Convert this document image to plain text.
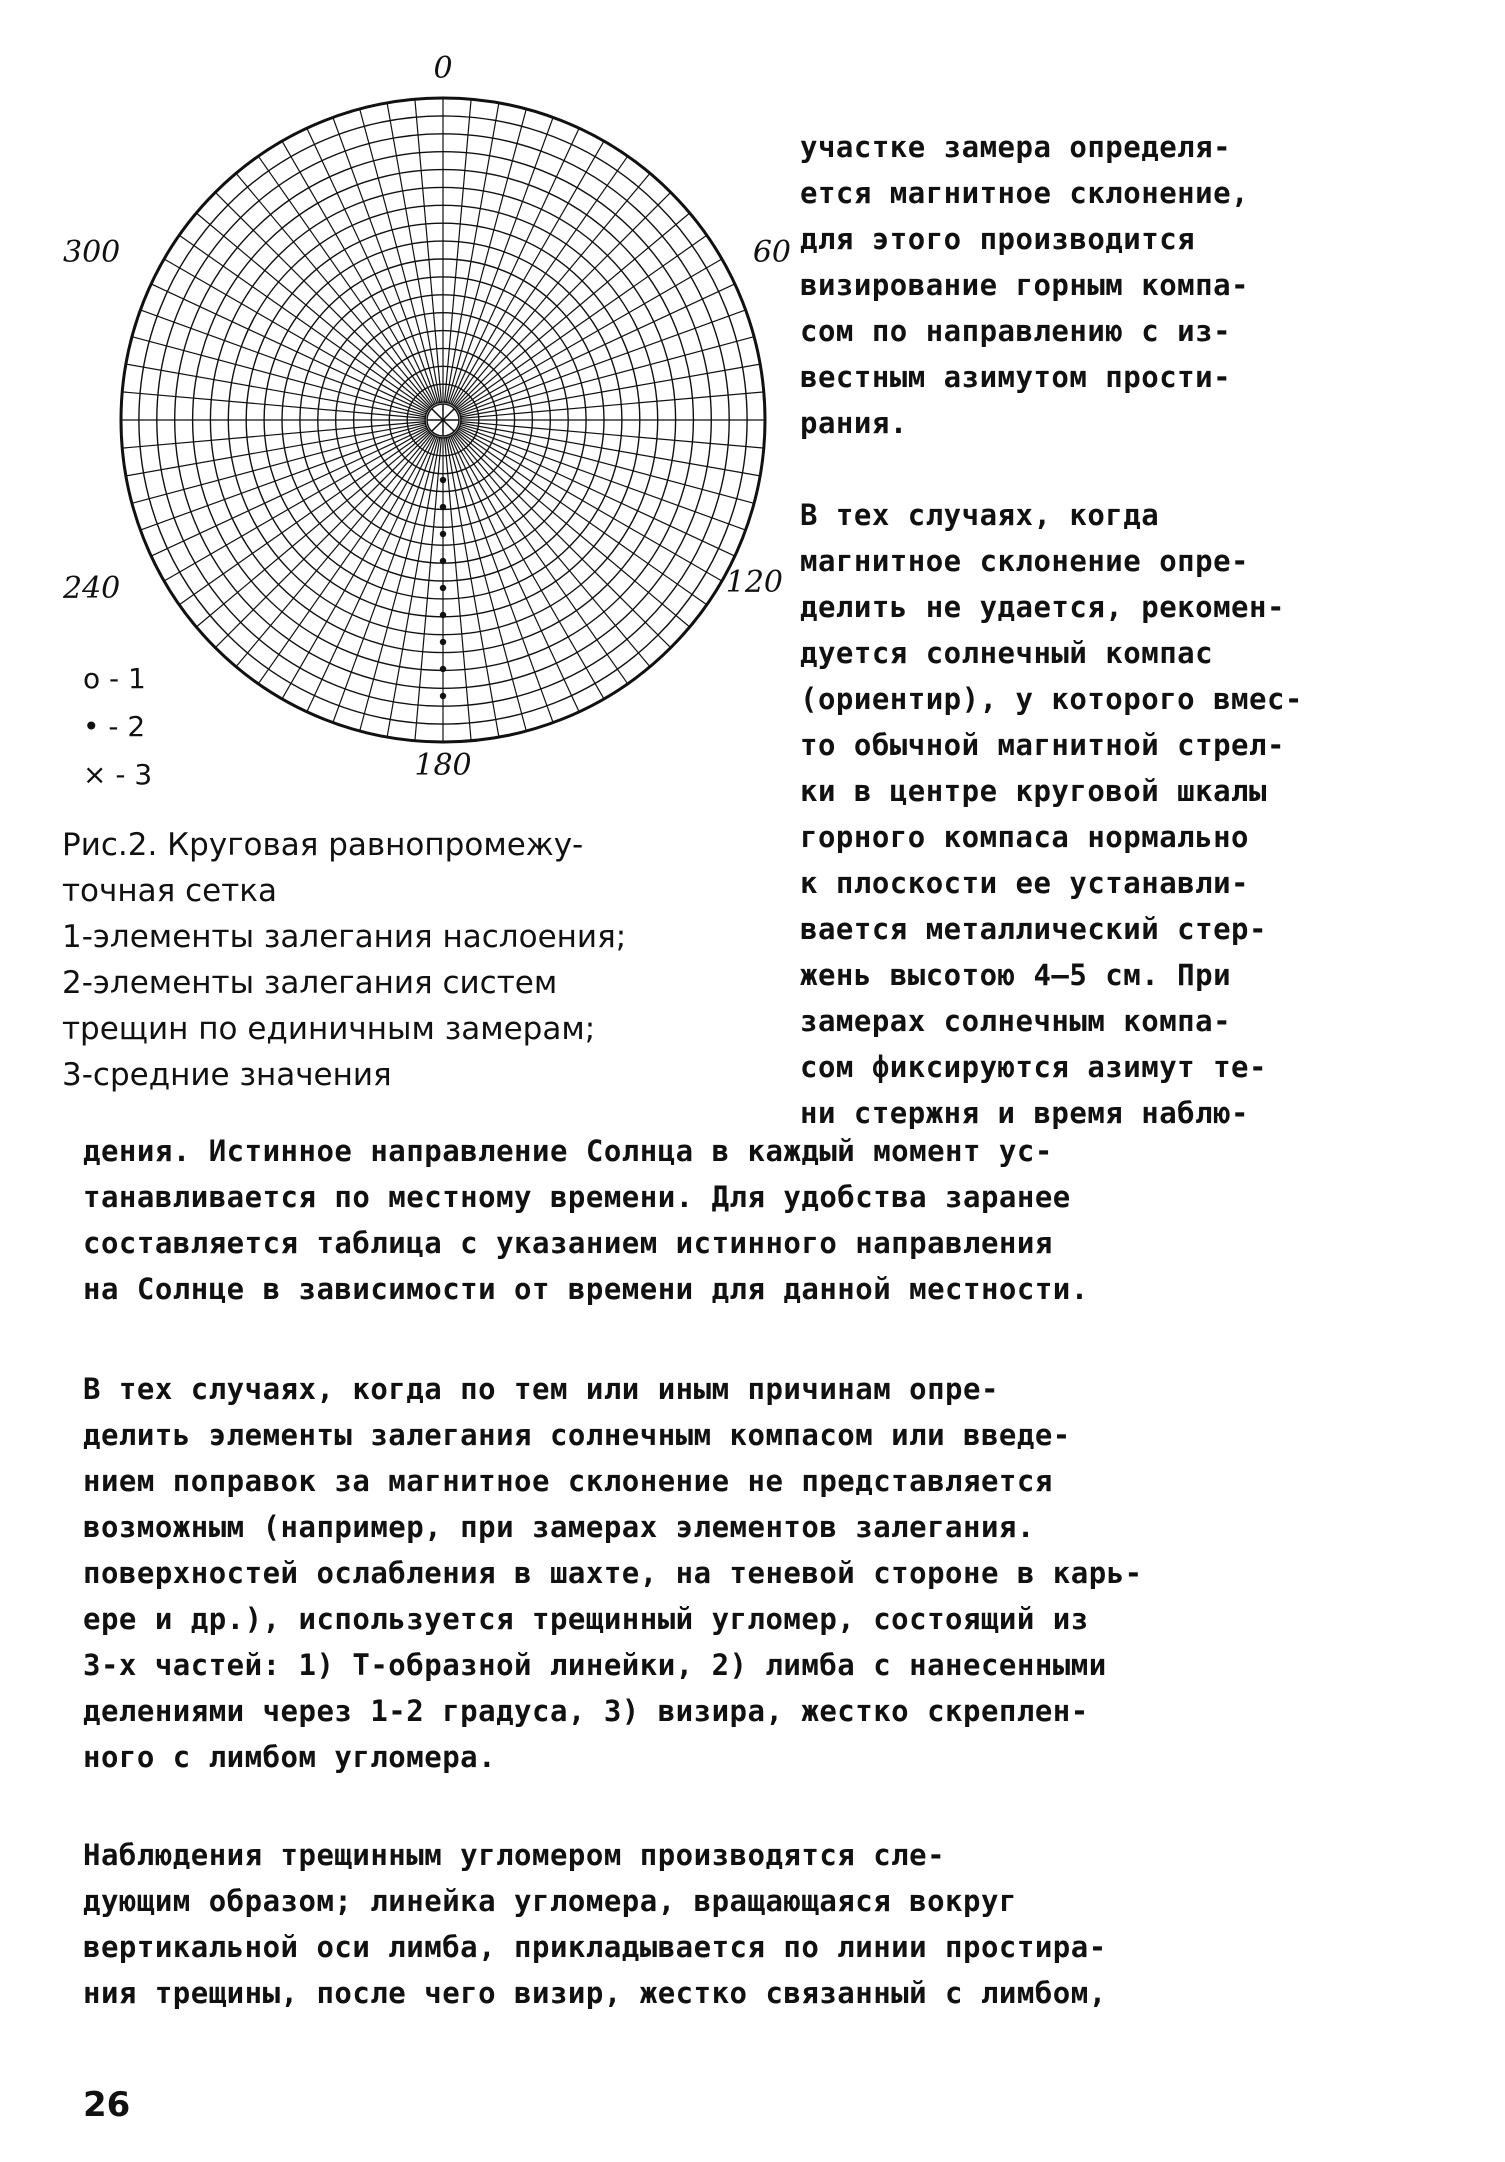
0
60
120
180
240
300
о - 1
• - 2
× - 3

Рис.2. Круговая равнопромежу-
точная сетка
1-элементы залегания наслоения;
2-элементы залегания систем
трещин по единичным замерам;
3-средние значения

участке замера определя-
ется магнитное склонение,
для этого производится
визирование горным компа-
сом по направлению с из-
вестным азимутом прости-
рания.

В тех случаях, когда
магнитное склонение опре-
делить не удается, рекомен-
дуется солнечный компас
(ориентир), у которого вмес-
то обычной магнитной стрел-
ки в центре круговой шкалы
горного компаса нормально
к плоскости ее устанавли-
вается металлический стер-
жень высотою 4–5 см. При
замерах солнечным компа-
сом фиксируются азимут те-
ни стержня и время наблю-

дения. Истинное направление Солнца в каждый момент ус-
танавливается по местному времени. Для удобства заранее
составляется таблица с указанием истинного направления
на Солнце в зависимости от времени для данной местности.

В тех случаях, когда по тем или иным причинам опре-
делить элементы залегания солнечным компасом или введе-
нием поправок за магнитное склонение не представляется
возможным (например, при замерах элементов залегания.
поверхностей ослабления в шахте, на теневой стороне в карь-
ере и др.), используется трещинный угломер, состоящий из
3-х частей: 1) Т-образной линейки, 2) лимба с нанесенными
делениями через 1-2 градуса, 3) визира, жестко скреплен-
ного с лимбом угломера.

Наблюдения трещинным угломером производятся сле-
дующим образом; линейка угломера, вращающаяся вокруг
вертикальной оси лимба, прикладывается по линии простира-
ния трещины, после чего визир, жестко связанный с лимбом,

26
